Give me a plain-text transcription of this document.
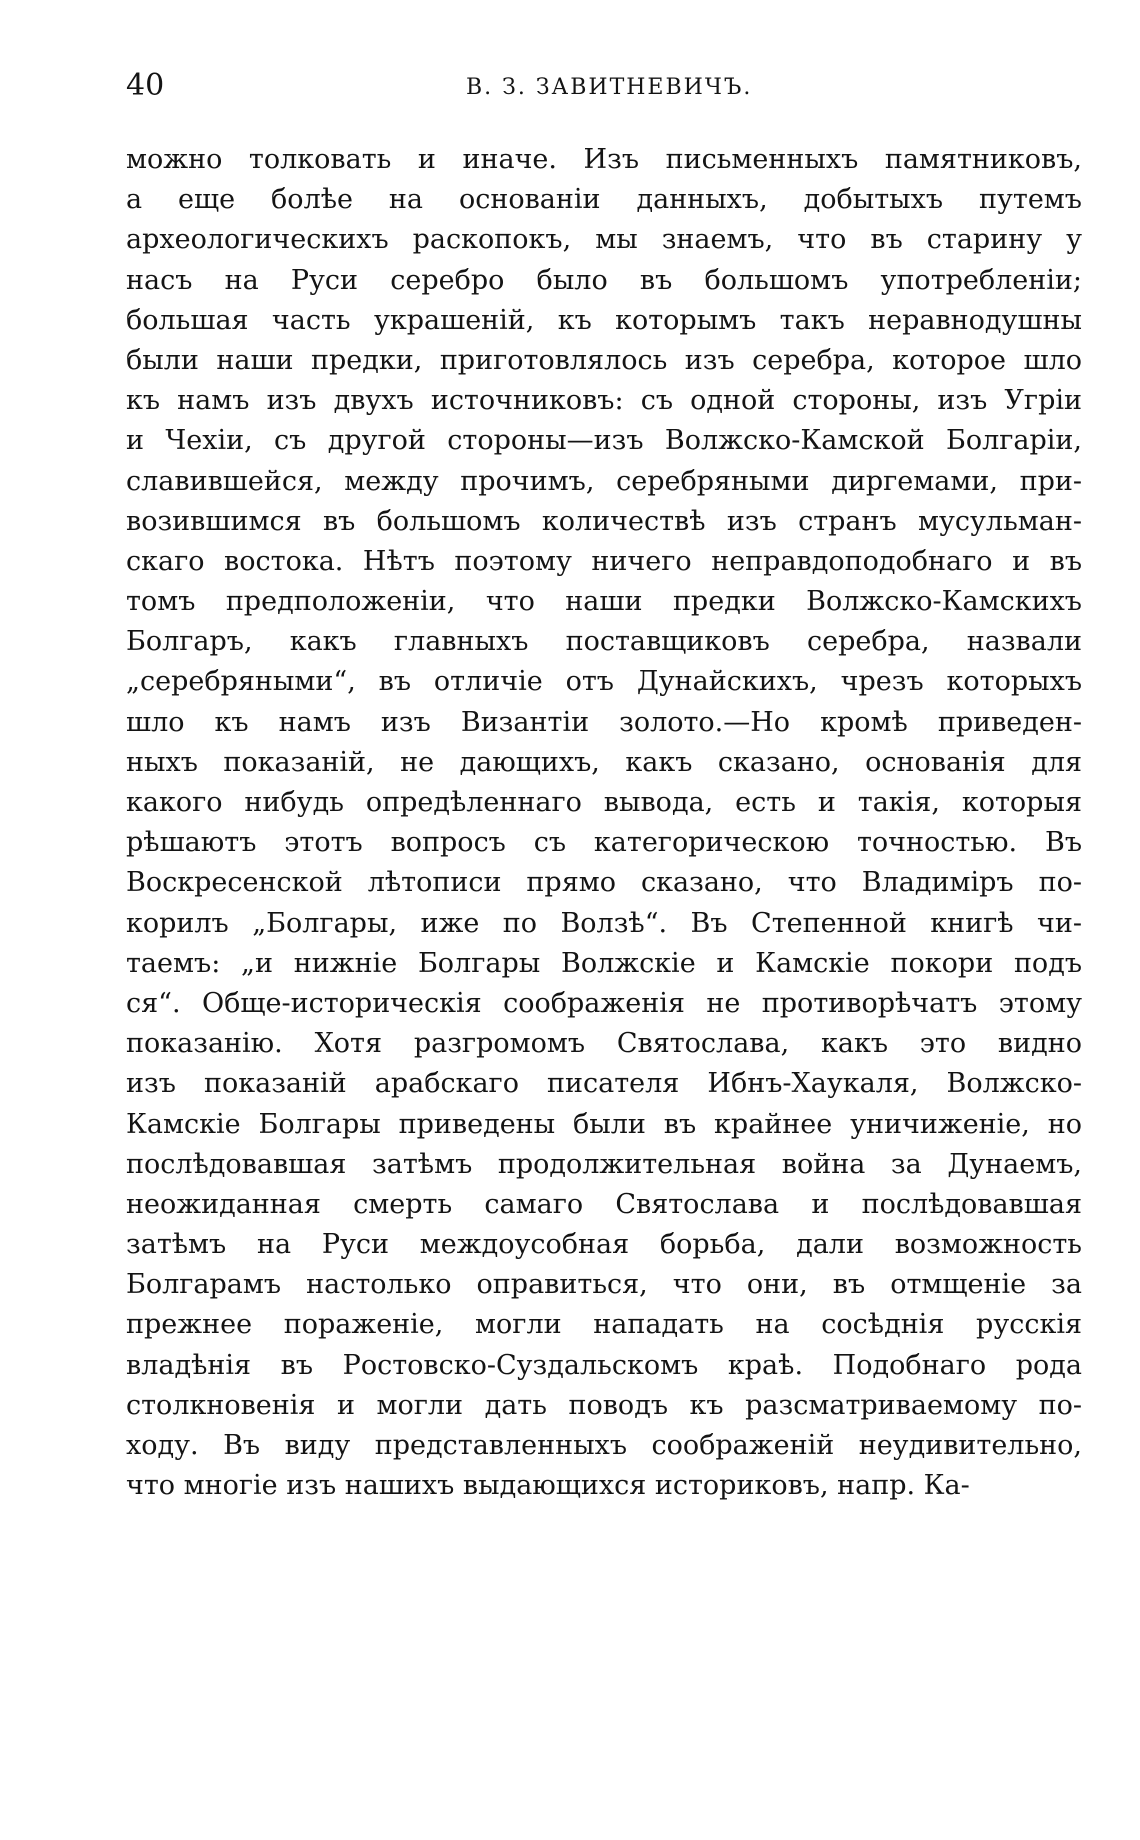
40	В. З. ЗАВИТНЕВИЧЪ.
можно толковать и иначе. Изъ письменныхъ памятниковъ,
а еще болѣе на основаніи данныхъ, добытыхъ путемъ
археологическихъ раскопокъ, мы знаемъ, что въ старину у
насъ на Руси серебро было въ большомъ употребленіи;
большая часть украшеній, къ которымъ такъ неравнодушны
были наши предки, приготовлялось изъ серебра, которое шло
къ намъ изъ двухъ источниковъ: съ одной стороны, изъ Угріи
и Чехіи, съ другой стороны—изъ Волжско-Камской Болгаріи,
славившейся, между прочимъ, серебряными диргемами, при-
возившимся въ большомъ количествѣ изъ странъ мусульман-
скаго востока. Нѣтъ поэтому ничего неправдоподобнаго и въ
томъ предположеніи, что наши предки Волжско-Камскихъ
Болгаръ, какъ главныхъ поставщиковъ серебра, назвали
„серебряными“, въ отличіе отъ Дунайскихъ, чрезъ которыхъ
шло къ намъ изъ Византіи золото.—Но кромѣ приведен-
ныхъ показаній, не дающихъ, какъ сказано, основанія для
какого нибудь опредѣленнаго вывода, есть и такія, которыя
рѣшаютъ этотъ вопросъ съ категорическою точностью. Въ
Воскресенской лѣтописи прямо сказано, что Владиміръ по-
корилъ „Болгары, иже по Волзѣ“. Въ Степенной книгѣ чи-
таемъ: „и нижніе Болгары Волжскіе и Камскіе покори подъ
ся“. Обще-историческія соображенія не противорѣчатъ этому
показанію. Хотя разгромомъ Святослава, какъ это видно
изъ показаній арабскаго писателя Ибнъ-Хаукаля, Волжско-
Камскіе Болгары приведены были въ крайнее уничиженіе, но
послѣдовавшая затѣмъ продолжительная война за Дунаемъ,
неожиданная смерть самаго Святослава и послѣдовавшая
затѣмъ на Руси междоусобная борьба, дали возможность
Болгарамъ настолько оправиться, что они, въ отмщеніе за
прежнее пораженіе, могли нападать на сосѣднія русскія
владѣнія въ Ростовско-Суздальскомъ краѣ. Подобнаго рода
столкновенія и могли дать поводъ къ разсматриваемому по-
ходу. Въ виду представленныхъ соображеній неудивительно,
что многіе изъ нашихъ выдающихся историковъ, напр. Ка-
